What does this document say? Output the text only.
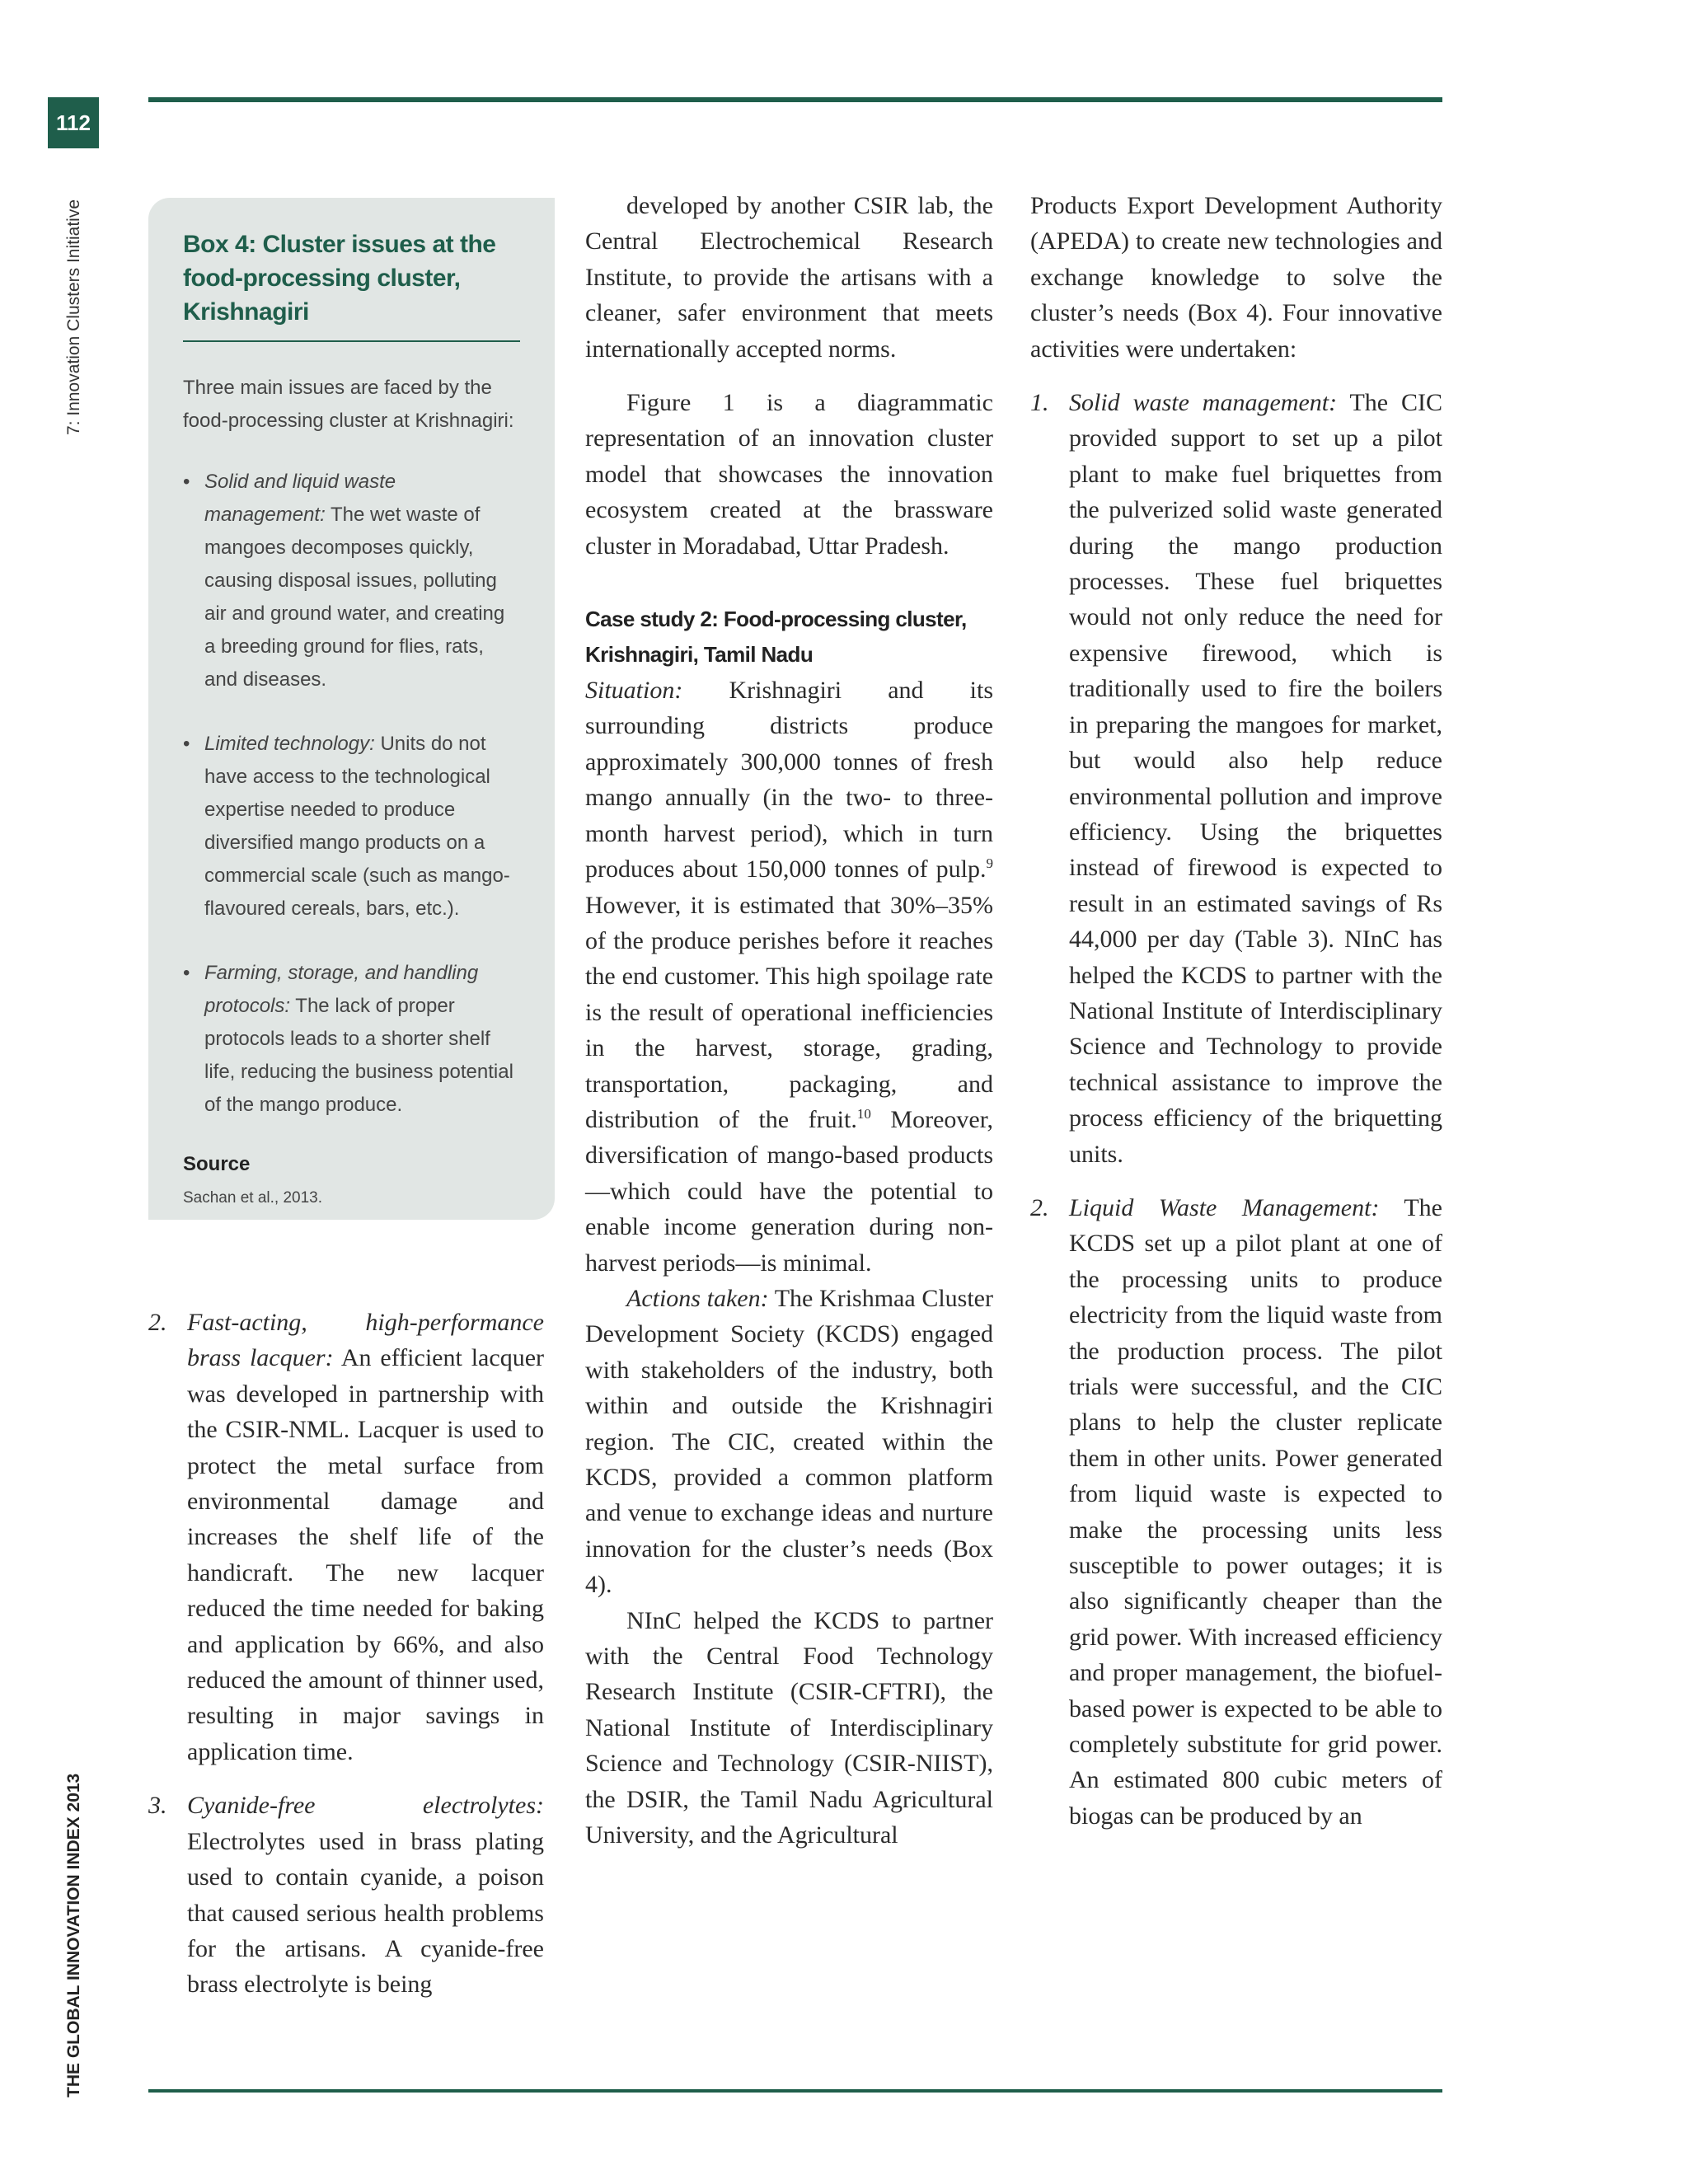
112
7: Innovation Clusters Initiative
THE GLOBAL INNOVATION INDEX 2013
Box 4: Cluster issues at the food-processing cluster, Krishnagiri

Three main issues are faced by the food-processing cluster at Krishnagiri:

• Solid and liquid waste management: The wet waste of mangoes decomposes quickly, causing disposal issues, polluting air and ground water, and creating a breeding ground for flies, rats, and diseases.
• Limited technology: Units do not have access to the technological expertise needed to produce diversified mango products on a commercial scale (such as mango-flavoured cereals, bars, etc.).
• Farming, storage, and handling protocols: The lack of proper protocols leads to a shorter shelf life, reducing the business potential of the mango produce.

Source

Sachan et al., 2013.

2. Fast-acting, high-performance brass lacquer: An efficient lacquer was developed in partnership with the CSIR-NML. Lacquer is used to protect the metal surface from environmental damage and increases the shelf life of the handicraft. The new lacquer reduced the time needed for baking and application by 66%, and also reduced the amount of thinner used, resulting in major savings in application time.
3. Cyanide-free electrolytes: Electrolytes used in brass plating used to contain cyanide, a poison that caused serious health problems for the artisans. A cyanide-free brass electrolyte is being

developed by another CSIR lab, the Central Electrochemical Research Institute, to provide the artisans with a cleaner, safer environment that meets internationally accepted norms.

Figure 1 is a diagrammatic representation of an innovation cluster model that showcases the innovation ecosystem created at the brassware cluster in Moradabad, Uttar Pradesh.

Case study 2: Food-processing cluster, Krishnagiri, Tamil Nadu

Situation: Krishnagiri and its surrounding districts produce approximately 300,000 tonnes of fresh mango annually (in the two- to three-month harvest period), which in turn produces about 150,000 tonnes of pulp.$^9$ However, it is estimated that 30%–35% of the produce perishes before it reaches the end customer. This high spoilage rate is the result of operational inefficiencies in the harvest, storage, grading, transportation, packaging, and distribution of the fruit.$^{10}$ Moreover, diversification of mango-based products—which could have the potential to enable income generation during non-harvest periods—is minimal.

Actions taken: The Krishmaa Cluster Development Society (KCDS) engaged with stakeholders of the industry, both within and outside the Krishnagiri region. The CIC, created within the KCDS, provided a common platform and venue to exchange ideas and nurture innovation for the cluster’s needs (Box 4).

NInC helped the KCDS to partner with the Central Food Technology Research Institute (CSIR-CFTRI), the National Institute of Interdisciplinary Science and Technology (CSIR-NIIST), the DSIR, the Tamil Nadu Agricultural University, and the Agricultural

Products Export Development Authority (APEDA) to create new technologies and exchange knowledge to solve the cluster’s needs (Box 4). Four innovative activities were undertaken:

1. Solid waste management: The CIC provided support to set up a pilot plant to make fuel briquettes from the pulverized solid waste generated during the mango production processes. These fuel briquettes would not only reduce the need for expensive firewood, which is traditionally used to fire the boilers in preparing the mangoes for market, but would also help reduce environmental pollution and improve efficiency. Using the briquettes instead of firewood is expected to result in an estimated savings of Rs 44,000 per day (Table 3). NInC has helped the KCDS to partner with the National Institute of Interdisciplinary Science and Technology to provide technical assistance to improve the process efficiency of the briquetting units.
2. Liquid Waste Management: The KCDS set up a pilot plant at one of the processing units to produce electricity from the liquid waste from the production process. The pilot trials were successful, and the CIC plans to help the cluster replicate them in other units. Power generated from liquid waste is expected to make the processing units less susceptible to power outages; it is also significantly cheaper than the grid power. With increased efficiency and proper management, the biofuel-based power is expected to be able to completely substitute for grid power. An estimated 800 cubic meters of biogas can be produced by an
